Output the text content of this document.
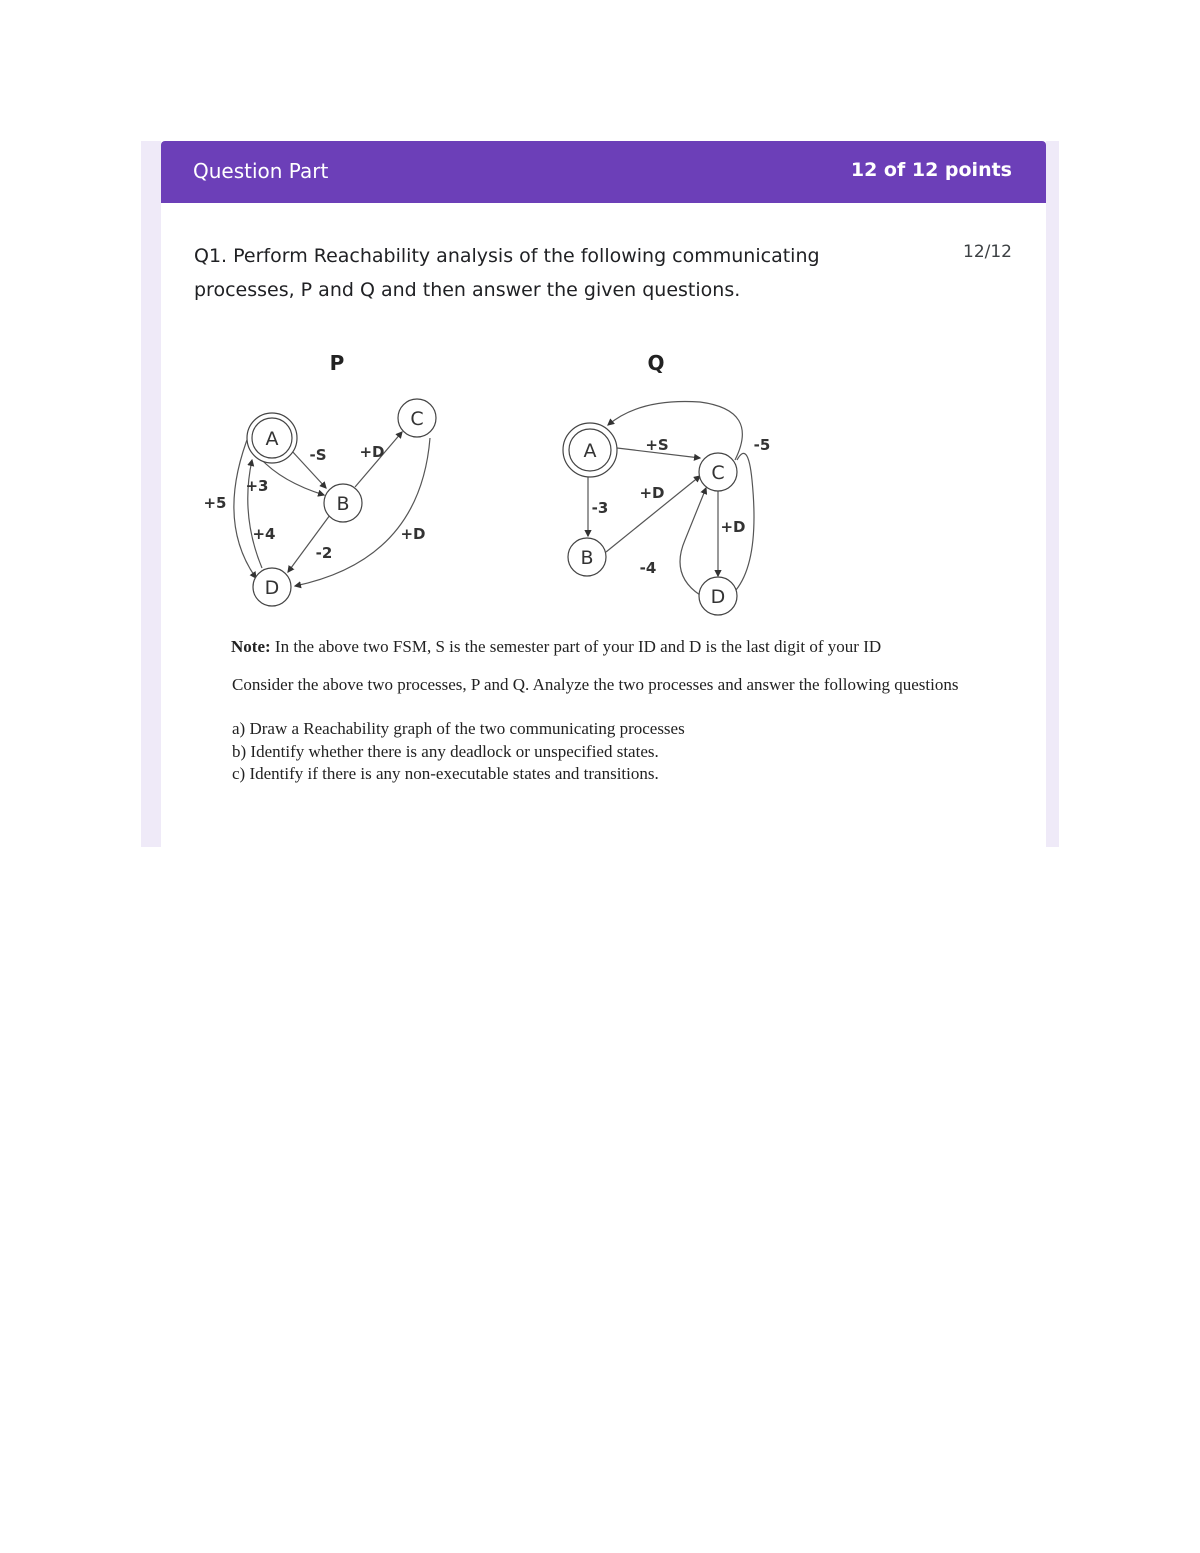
Question Part	12 of 12 points
Q1. Perform Reachability analysis of the following communicating processes, P and Q and then answer the given questions.
12/12
P
A
B
C
D
-S +D
+3
+5
+4
-2
+D
Q
A
B
C
D
+S	-5
-3
+D
-4
+D
Note: In the above two FSM, S is the semester part of your ID and D is the last digit of your ID
Consider the above two processes, P and Q. Analyze the two processes and answer the following questions
a) Draw a Reachability graph of the two communicating processes
b) Identify whether there is any deadlock or unspecified states.
c) Identify if there is any non-executable states and transitions.
